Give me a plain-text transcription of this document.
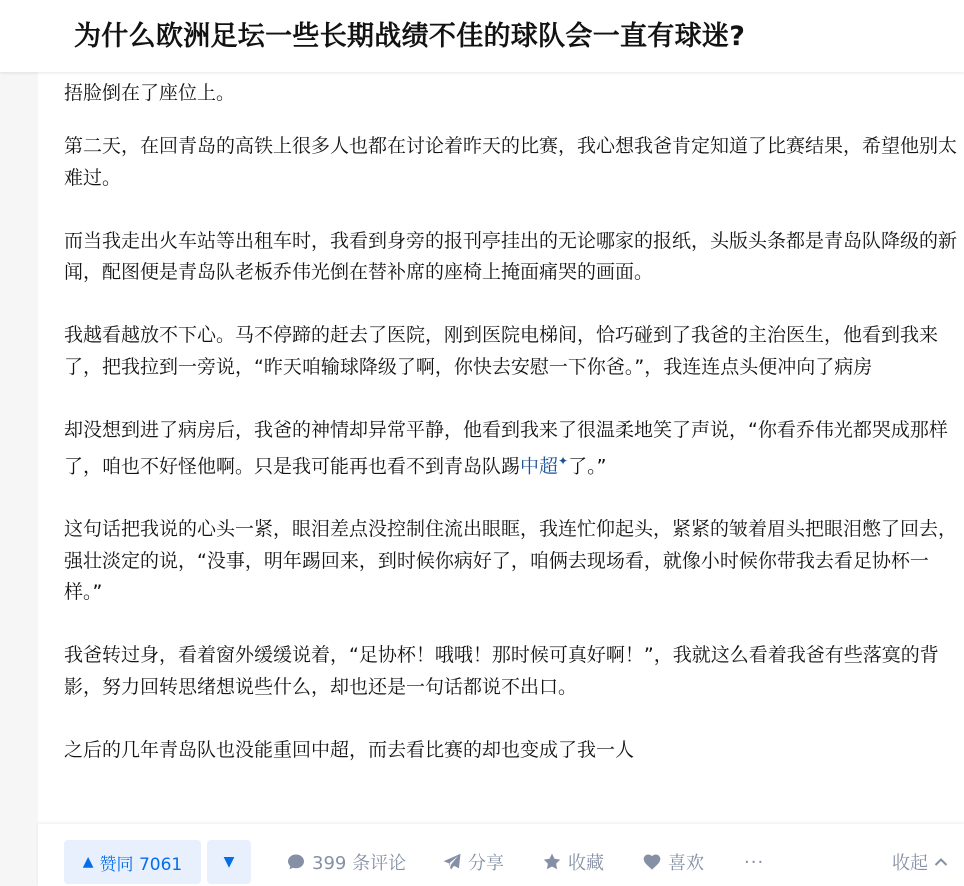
捂脸倒在了座位上。

第二天，在回青岛的高铁上很多人也都在讨论着昨天的比赛，我心想我爸肯定知道了比赛结果，希望他别太难过。

而当我走出火车站等出租车时，我看到身旁的报刊亭挂出的无论哪家的报纸，头版头条都是青岛队降级的新闻，配图便是青岛队老板乔伟光倒在替补席的座椅上掩面痛哭的画面。

我越看越放不下心。马不停蹄的赶去了医院，刚到医院电梯间，恰巧碰到了我爸的主治医生，他看到我来了，把我拉到一旁说，“昨天咱输球降级了啊，你快去安慰一下你爸。”，我连连点头便冲向了病房

却没想到进了病房后，我爸的神情却异常平静，他看到我来了很温柔地笑了声说，“你看乔伟光都哭成那样了，咱也不好怪他啊。只是我可能再也看不到青岛队踢中超✦了。”

这句话把我说的心头一紧，眼泪差点没控制住流出眼眶，我连忙仰起头，紧紧的皱着眉头把眼泪憋了回去，强壮淡定的说，“没事，明年踢回来，到时候你病好了，咱俩去现场看，就像小时候你带我去看足协杯一样。”

我爸转过身，看着窗外缓缓说着，“足协杯！哦哦！那时候可真好啊！”，我就这么看着我爸有些落寞的背影，努力回转思绪想说些什么，却也还是一句话都说不出口。

之后的几年青岛队也没能重回中超，而去看比赛的却也变成了我一人

为什么欧洲足坛一些长期战绩不佳的球队会一直有球迷?
▲ 赞同 7061	▼	399 条评论	分享	收藏	喜欢 ···	收起
